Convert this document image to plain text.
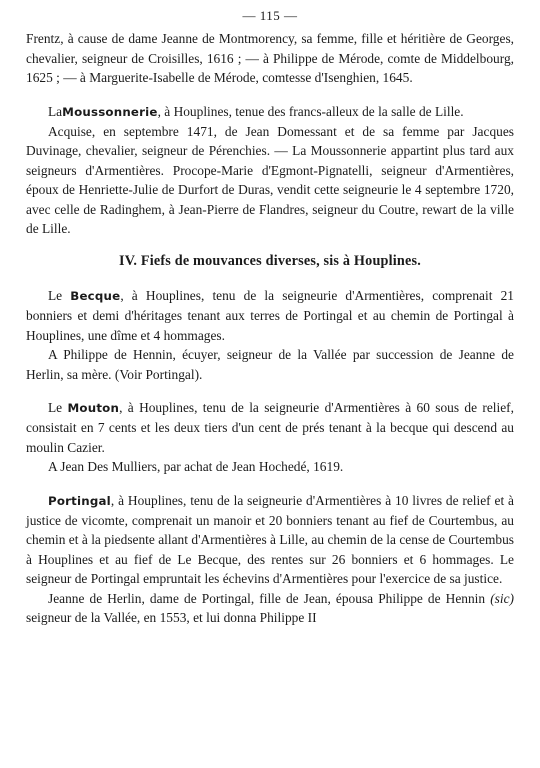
— 115 —

Frentz, à cause de dame Jeanne de Montmorency, sa femme, fille et héritière de Georges, chevalier, seigneur de Croisilles, 1616 ; — à Philippe de Mérode, comte de Middelbourg, 1625 ; — à Marguerite-Isabelle de Mérode, comtesse d'Isenghien, 1645.

LaMoussonnerie, à Houplines, tenue des francs-alleux de la salle de Lille.

Acquise, en septembre 1471, de Jean Domessant et de sa femme par Jacques Duvinage, chevalier, seigneur de Pérenchies. — La Moussonnerie appartint plus tard aux seigneurs d'Armentières. Procope-Marie d'Egmont-Pignatelli, seigneur d'Armentières, époux de Henriette-Julie de Durfort de Duras, vendit cette seigneurie le 4 septembre 1720, avec celle de Radinghem, à Jean-Pierre de Flandres, seigneur du Coutre, rewart de la ville de Lille.

IV. Fiefs de mouvances diverses, sis à Houplines.

Le Becque, à Houplines, tenu de la seigneurie d'Armentières, comprenait 21 bonniers et demi d'héritages tenant aux terres de Portingal et au chemin de Portingal à Houplines, une dîme et 4 hommages.

A Philippe de Hennin, écuyer, seigneur de la Vallée par succession de Jeanne de Herlin, sa mère. (Voir Portingal).

Le Mouton, à Houplines, tenu de la seigneurie d'Armentières à 60 sous de relief, consistait en 7 cents et les deux tiers d'un cent de prés tenant à la becque qui descend au moulin Cazier.

A Jean Des Mulliers, par achat de Jean Hochedé, 1619.

Portingal, à Houplines, tenu de la seigneurie d'Armentières à 10 livres de relief et à justice de vicomte, comprenait un manoir et 20 bonniers tenant au fief de Courtembus, au chemin et à la piedsente allant d'Armentières à Lille, au chemin de la cense de Courtembus à Houplines et au fief de Le Becque, des rentes sur 26 bonniers et 6 hommages. Le seigneur de Portingal empruntait les échevins d'Armentières pour l'exercice de sa justice.

Jeanne de Herlin, dame de Portingal, fille de Jean, épousa Philippe de Hennin (sic) seigneur de la Vallée, en 1553, et lui donna Philippe II
